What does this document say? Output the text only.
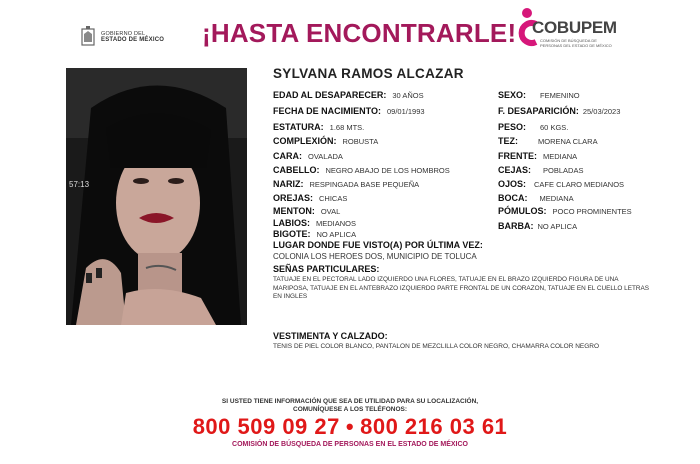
GOBIERNO DEL
ESTADO DE MÉXICO ¡HASTA ENCONTRARLE! COBUPEM
COMISIÓN DE BÚSQUEDA DE PERSONAS DEL ESTADO DE MÉXICO
57:13
SYLVANA RAMOS ALCAZAR
EDAD AL DESAPARECER: 30 AÑOS
FECHA DE NACIMIENTO: 09/01/1993
ESTATURA: 1.68 MTS.
COMPLEXIÓN: ROBUSTA
CARA: OVALADA
CABELLO: NEGRO ABAJO DE LOS HOMBROS
NARIZ: RESPINGADA BASE PEQUEÑA
OREJAS: CHICAS
MENTON: OVAL
LABIOS: MEDIANOS
BIGOTE: NO APLICA
SEXO: FEMENINO
F. DESAPARICIÓN: 25/03/2023
PESO: 60 KGS.
TEZ:	MORENA CLARA
FRENTE: MEDIANA
CEJAS: POBLADAS
OJOS: CAFE CLARO MEDIANOS
BOCA: MEDIANA
PÓMULOS: POCO PROMINENTES
BARBA: NO APLICA
LUGAR DONDE FUE VISTO(A) POR ÚLTIMA VEZ:
COLONIA LOS HEROES DOS, MUNICIPIO DE TOLUCA
SEÑAS PARTICULARES:
TATUAJE EN EL PECTORAL LADO IZQUIERDO UNA FLORES, TATUAJE EN EL BRAZO IZQUIERDO FIGURA DE UNA MARIPOSA, TATUAJE EN EL ANTEBRAZO IZQUIERDO PARTE FRONTAL DE UN CORAZON, TATUAJE EN EL CUELLO LETRAS EN INGLES
VESTIMENTA Y CALZADO:
TENIS DE PIEL COLOR BLANCO, PANTALON DE MEZCLILLA COLOR NEGRO, CHAMARRA COLOR NEGRO
SI USTED TIENE INFORMACIÓN QUE SEA DE UTILIDAD PARA SU LOCALIZACIÓN,
COMUNÍQUESE A LOS TELÉFONOS:
800 509 09 27 • 800 216 03 61
COMISIÓN DE BÚSQUEDA DE PERSONAS EN EL ESTADO DE MÉXICO
